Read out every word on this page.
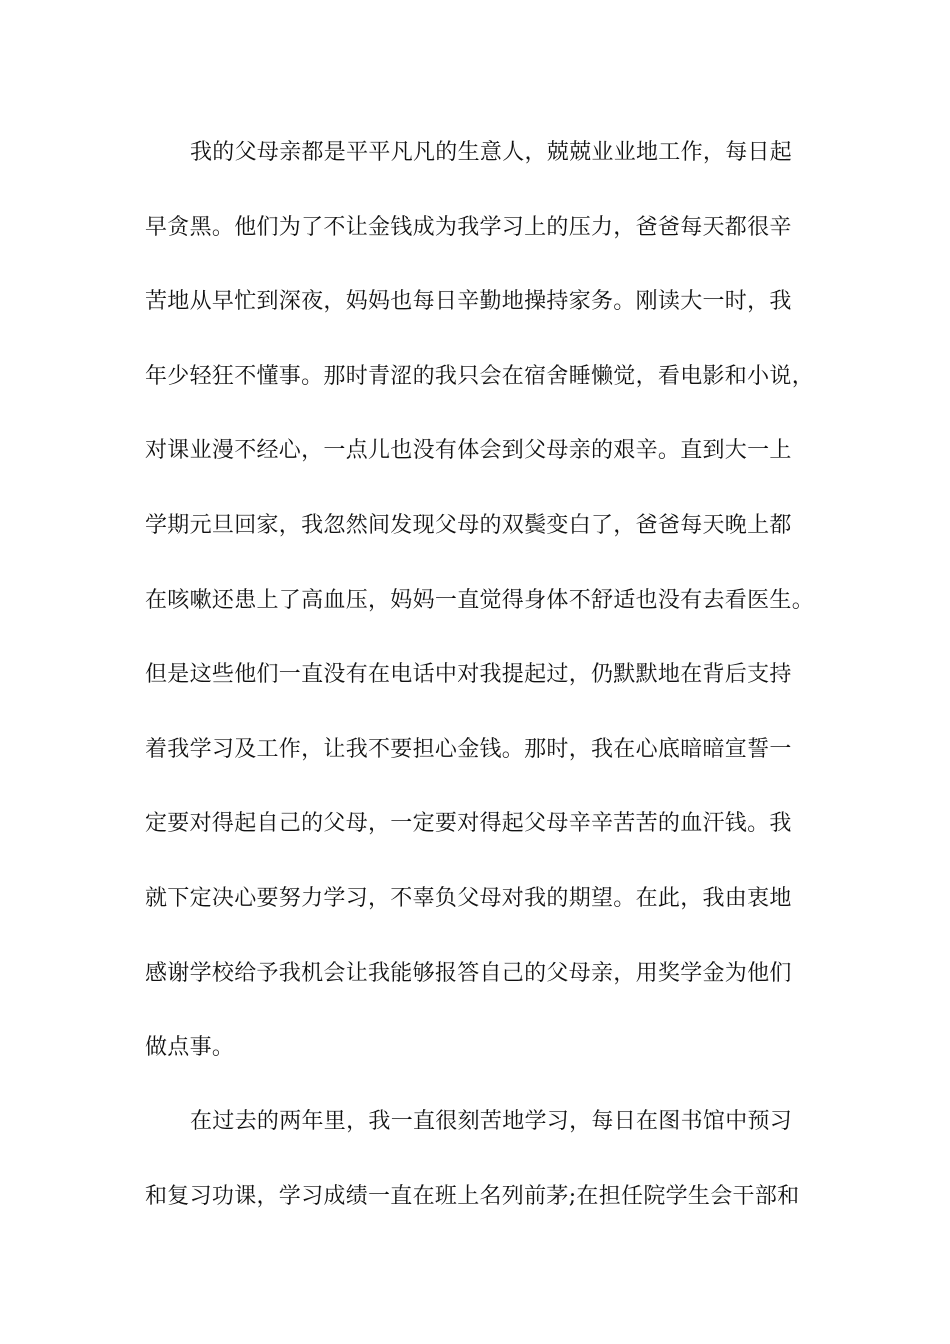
我的父母亲都是平平凡凡的生意人，兢兢业业地工作，每日起
早贪黑。他们为了不让金钱成为我学习上的压力，爸爸每天都很辛
苦地从早忙到深夜，妈妈也每日辛勤地操持家务。刚读大一时，我
年少轻狂不懂事。那时青涩的我只会在宿舍睡懒觉，看电影和小说，
对课业漫不经心，一点儿也没有体会到父母亲的艰辛。直到大一上
学期元旦回家，我忽然间发现父母的双鬓变白了，爸爸每天晚上都
在咳嗽还患上了高血压，妈妈一直觉得身体不舒适也没有去看医生。
但是这些他们一直没有在电话中对我提起过，仍默默地在背后支持
着我学习及工作，让我不要担心金钱。那时，我在心底暗暗宣誓一
定要对得起自己的父母，一定要对得起父母辛辛苦苦的血汗钱。我
就下定决心要努力学习，不辜负父母对我的期望。在此，我由衷地
感谢学校给予我机会让我能够报答自己的父母亲，用奖学金为他们
做点事。
在过去的两年里，我一直很刻苦地学习，每日在图书馆中预习
和复习功课，学习成绩一直在班上名列前茅;在担任院学生会干部和
